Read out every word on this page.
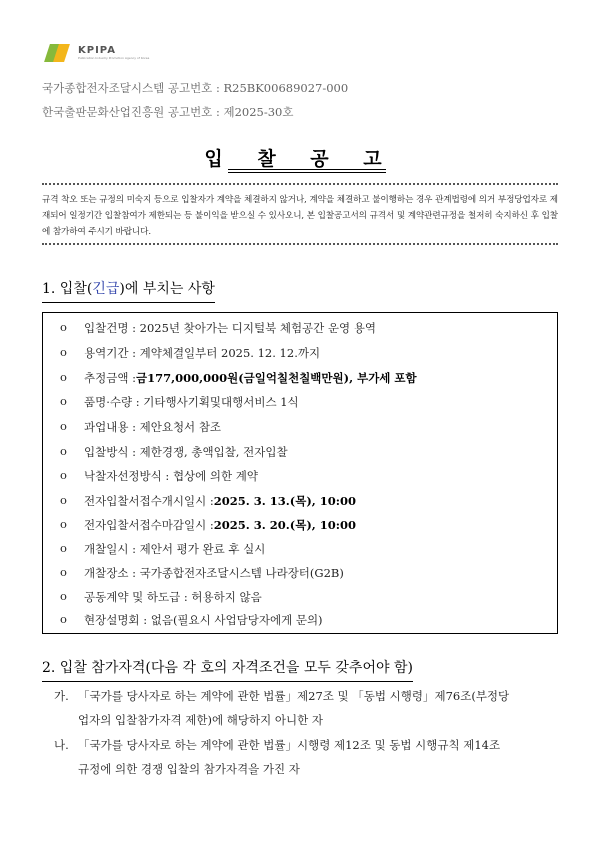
KPIPA
Publication Industry Promotion Agency of Korea
국가종합전자조달시스템 공고번호 : R25BK00689027-000
한국출판문화산업진흥원 공고번호 : 제2025-30호
입 찰 공 고
규격 착오 또는 규정의 미숙지 등으로 입찰자가 계약을 체결하지 않거나, 계약을 체결하고 불이행하는 경우 관계법령에 의거 부정당업자로 제재되어 일정기간 입찰참여가 제한되는 등 불이익을 받으실 수 있사오니, 본 입찰공고서의 규격서 및 계약관련규정을 철저히 숙지하신 후 입찰에 참가하여 주시기 바랍니다.
1. 입찰(긴급)에 부치는 사항
ο	입찰건명 : 2025년 찾아가는 디지털북 체험공간 운영 용역
ο	용역기간 : 계약체결일부터 2025. 12. 12.까지
ο	추정금액 : 금177,000,000원(금일억칠천칠백만원), 부가세 포함
ο	품명·수량 : 기타행사기획및대행서비스 1식
ο	과업내용 : 제안요청서 참조
ο	입찰방식 : 제한경쟁, 총액입찰, 전자입찰
ο	낙찰자선정방식 : 협상에 의한 계약
ο	전자입찰서접수개시일시 : 2025. 3. 13.(목), 10:00
ο	전자입찰서접수마감일시 : 2025. 3. 20.(목), 10:00
ο	개찰일시 : 제안서 평가 완료 후 실시
ο	개찰장소 : 국가종합전자조달시스템 나라장터(G2B)
ο	공동계약 및 하도급 : 허용하지 않음
ο	현장설명회 : 없음(필요시 사업담당자에게 문의)
2. 입찰 참가자격(다음 각 호의 자격조건을 모두 갖추어야 함)
가. 「국가를 당사자로 하는 계약에 관한 법률」제27조 및 「동법 시행령」제76조(부정당
업자의 입찰참가자격 제한)에 해당하지 아니한 자
나. 「국가를 당사자로 하는 계약에 관한 법률」시행령 제12조 및 동법 시행규칙 제14조
규정에 의한 경쟁 입찰의 참가자격을 가진 자
